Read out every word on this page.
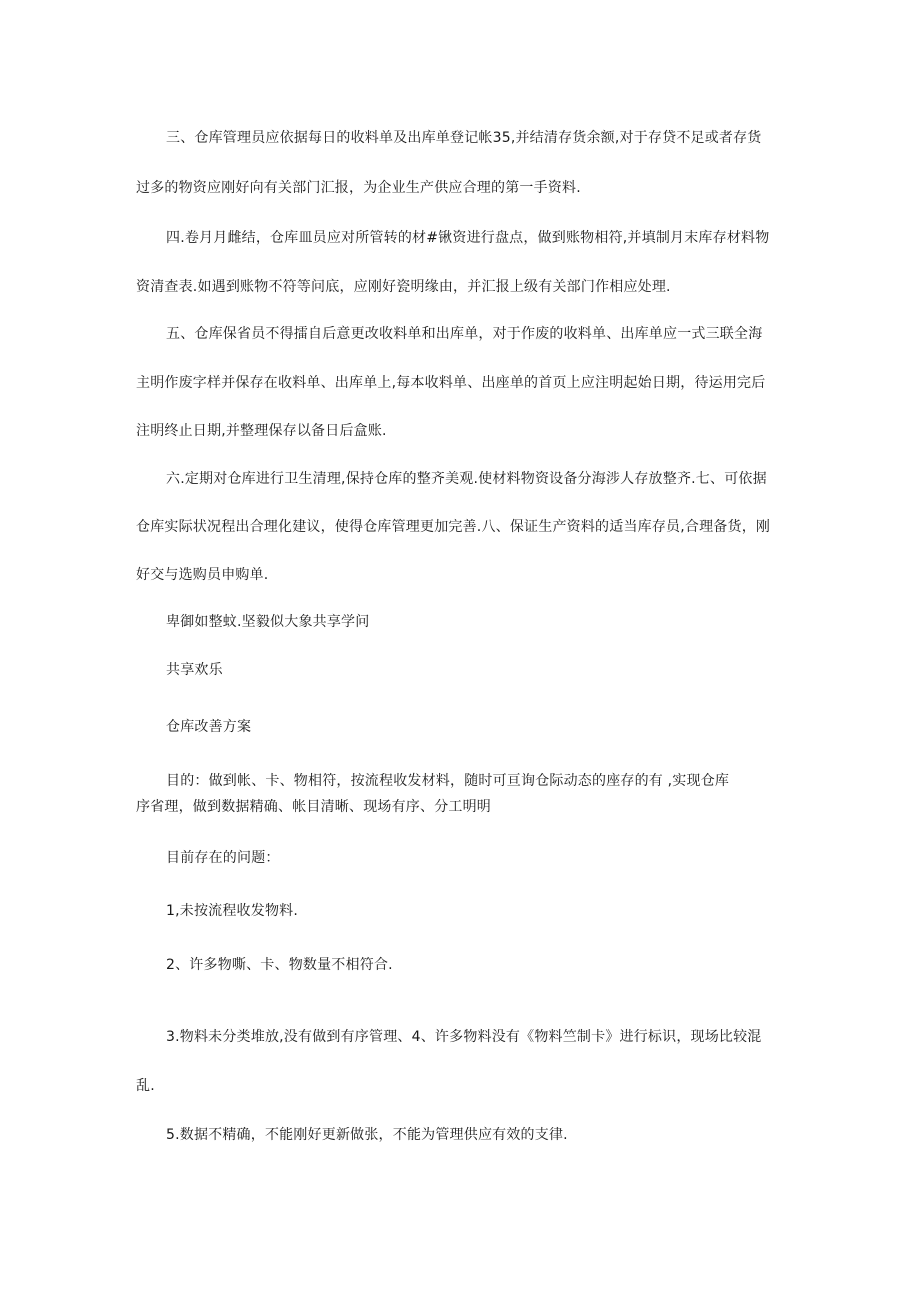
三、仓库管理员应依据每日的收料单及出库单登记帐35,并结清存货余额,对于存贷不足或者存货
过多的物资应刚好向有关部门汇报，为企业生产供应合理的第一手资料.
四.卷月月雌结，仓库皿员应对所管转的材#锹资进行盘点，做到账物相符,并填制月末库存材料物
资清查表.如遇到账物不符等问底，应刚好瓷明缘由，并汇报上级有关部门作相应处理.
五、仓库保省员不得擂自后意更改收料单和出库单，对于作废的收料单、出库单应一式三联全海
主明作废字样并保存在收料单、出库单上,每本收料单、出座单的首页上应注明起始日期，待运用完后
注明终止日期,并整理保存以备日后盒账.
六.定期对仓库进行卫生清理,保持仓库的整齐美观.使材料物资设备分海涉人存放整齐.七、可依据
仓库实际状况程出合理化建议，使得仓库管理更加完善.八、保证生产资料的适当库存员,合理备货，刚
好交与选购员申购单.
卑御如整蚊.坚毅似大象共享学问
共享欢乐
仓库改善方案
目的：做到帐、卡、物相符，按流程收发材料，随时可亘询仓际动态的座存的有 ,实现仓库
序省理，做到数据精确、帐目清晰、现场有序、分工明明
目前存在的问题：
1,未按流程收发物料.
2、许多物嘶、卡、物数量不相符合.
3.物料未分类堆放,没有做到有序管理、4、许多物料没有《物料竺制卡》进行标识，现场比较混
乱.
5.数据不精确，不能刚好更新做张，不能为管理供应有效的支律.
